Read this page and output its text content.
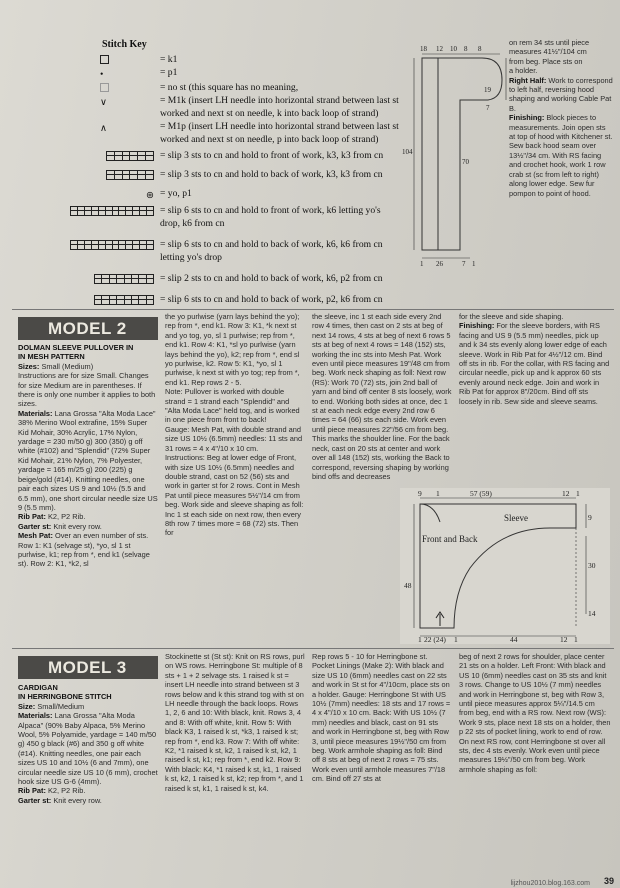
Stitch Key
= k1
•	= p1
= no st (this square has no meaning,
∨	= M1k (insert LH needle into horizontal strand between last st worked and next st on needle, k into back loop of strand)
∧	= M1p (insert LH needle into horizontal strand between last st worked and next st on needle, p into back loop of strand)
= slip 3 sts to cn and hold to front of work, k3, k3 from cn
= slip 3 sts to cn and hold to back of work, k3, k3 from cn
⊛ = yo, p1
= slip 6 sts to cn and hold to front of work, k6 letting yo's drop, k6 from cn
= slip 6 sts to cn and hold to back of work, k6, k6 from cn letting yo's drop
= slip 2 sts to cn and hold to back of work, k6, p2 from cn
= slip 6 sts to cn and hold to back of work, p2, k6 from cn
18 12 10 8 8
19
7
104
70
1 26	7 1

on rem 34 sts until piece

measures 41½"/104 cm

from beg. Place sts on

a holder.

Right Half: Work to correspond to left half, reversing hood shaping and working Cable Pat B.

Finishing: Block pieces to measurements. Join open sts at top of hood with Kitchener st. Sew back hood seam over 13½"/34 cm. With RS facing and crochet hook, work 1 row crab st (sc from left to right) along lower edge. Sew fur pompon to point of hood.

MODEL 2

DOLMAN SLEEVE PULLOVER IN

IN MESH PATTERN

Sizes: Small (Medium)

Instructions are for size Small. Changes for size Medium are in parentheses. If there is only one number it applies to both sizes.

Materials: Lana Grossa "Alta Moda Lace" 38% Merino Wool extrafine, 15% Super Kid Mohair, 30% Acrylic, 17% Nylon, yardage = 230 m/50 g) 300 (350) g off white (#102) and "Splendid" (72% Super Kid Mohair, 21% Nylon, 7% Polyester, yardage = 165 m/25 g) 200 (225) g beige/gold (#14). Knitting needles, one pair each sizes US 9 and 10½ (5.5 and 6.5 mm), one short circular needle size US 9 (5.5 mm).

Rib Pat: K2, P2 Rib.

Garter st: Knit every row.

Mesh Pat: Over an even number of sts. Row 1: K1 (selvage st), *yo, sl 1 st purlwise, k1; rep from *, end k1 (selvage st). Row 2: K1, *k2, sl

the yo purlwise (yarn lays behind the yo); rep from *, end k1. Row 3: K1, *k next st and yo tog, yo, sl 1 purlwise; rep from *, end k1. Row 4: K1, *sl yo purlwise (yarn lays behind the yo), k2; rep from *, end sl yo purlwise, k2. Row 5: K1, *yo, sl 1 purlwise, k next st with yo tog; rep from *, end k1. Rep rows 2 - 5.

Note: Pullover is worked with double strand = 1 strand each "Splendid" and "Alta Moda Lace" held tog, and is worked in one piece from front to back!

Gauge: Mesh Pat, with double strand and size US 10½ (6.5mm) needles: 11 sts and 31 rows = 4 x 4"/10 x 10 cm.

Instructions: Beg at lower edge of Front, with size US 10½ (6.5mm) needles and double strand, cast on 52 (56) sts and work in garter st for 2 rows. Cont in Mesh Pat until piece measures 5½"/14 cm from beg. Work side and sleeve shaping as foll: Inc 1 st each side on next row, then every 8th row 7 times more = 68 (72) sts. Then for

the sleeve, inc 1 st each side every 2nd row 4 times, then cast on 2 sts at beg of next 14 rows, 4 sts at beg of next 6 rows 5 sts at beg of next 4 rows = 148 (152) sts, working the inc sts into Mesh Pat. Work even until piece measures 19"/48 cm from beg. Work neck shaping as foll: Next row (RS): Work 70 (72) sts, join 2nd ball of yarn and bind off center 8 sts loosely, work to end. Working both sides at once, dec 1 st at each neck edge every 2nd row 6 times = 64 (66) sts each side. Work even until piece measures 22"/56 cm from beg. This marks the shoulder line. For the back neck, cast on 20 sts at center and work over all 148 (152) sts, working the Back to correspond, reversing shaping by working bind offs and decreases

for the sleeve and side shaping.

Finishing: For the sleeve borders, with RS facing and US 9 (5.5 mm) needles, pick up and k 34 sts evenly along lower edge of each sleeve. Work in Rib Pat for 4½"/12 cm. Bind off sts in rib. For the collar, with RS facing and circular needle, pick up and k approx 60 sts evenly around neck edge. Join and work in Rib Pat for approx 8"/20cm. Bind off sts loosely in rib. Sew side and sleeve seams.

9 1	57 (59)	12 1
Sleeve
Front and Back
9
30
14
48
1 22 (24) 1	44	12 1
MODEL 3

CARDIGAN

IN HERRINGBONE STITCH

Size: Small/Medium

Materials: Lana Grossa "Alta Moda Alpaca" (90% Baby Alpaca, 5% Merino Wool, 5% Polyamide, yardage = 140 m/50 g) 450 g black (#6) and 350 g off white (#14). Knitting needles, one pair each sizes US 10 and 10½ (6 and 7mm), one circular needle size US 10 (6 mm), crochet hook size US G-6 (4mm).

Rib Pat: K2, P2 Rib.

Garter st: Knit every row.

Stockinette st (St st): Knit on RS rows, purl on WS rows. Herringbone St: multiple of 8 sts + 1 + 2 selvage sts. 1 raised k st = insert LH needle into strand between st 3 rows below and k this strand tog with st on LH needle through the back loops. Rows 1, 2, 6 and 10: With black, knit. Rows 3, 4 and 8: With off white, knit. Row 5: With black K3, 1 raised k st, *k3, 1 raised k st; rep from *, end k3. Row 7: With off white: K2, *1 raised k st, k2, 1 raised k st, k2, 1 raised k st, k1; rep from *, end k2. Row 9: With black: K4, *1 raised k st, k1, 1 raised k st, k2, 1 raised k st, k2; rep from *, and 1 raised k st, k1, 1 raised k st, k4.

Rep rows 5 - 10 for Herringbone st. Pocket Linings (Make 2): With black and size US 10 (6mm) needles cast on 22 sts and work in St st for 4"/10cm, place sts on a holder. Gauge: Herringbone St with US 10½ (7mm) needles: 18 sts and 17 rows = 4 x 4"/10 x 10 cm. Back: With US 10½ (7 mm) needles and black, cast on 91 sts and work in Herringbone st, beg with Row 3, until piece measures 19½"/50 cm from beg. Work armhole shaping as foll: Bind off 8 sts at beg of next 2 rows = 75 sts. Work even until armhole measures 7"/18 cm. Bind off 27 sts at

beg of next 2 rows for shoulder, place center 21 sts on a holder. Left Front: With black and US 10 (6mm) needles cast on 35 sts and knit 3 rows. Change to US 10½ (7 mm) needles and work in Herringbone st, beg with Row 3, until piece measures approx 5¼"/14.5 cm from beg, end with a RS row. Next row (WS): Work 9 sts, place next 18 sts on a holder, then p 22 sts of pocket lining, work to end of row. On next RS row, cont Herringbone st over all sts, dec 4 sts evenly. Work even until piece measures 19½"/50 cm from beg. Work armhole shaping as foll:

lijzhou2010.blog.163.com 39
